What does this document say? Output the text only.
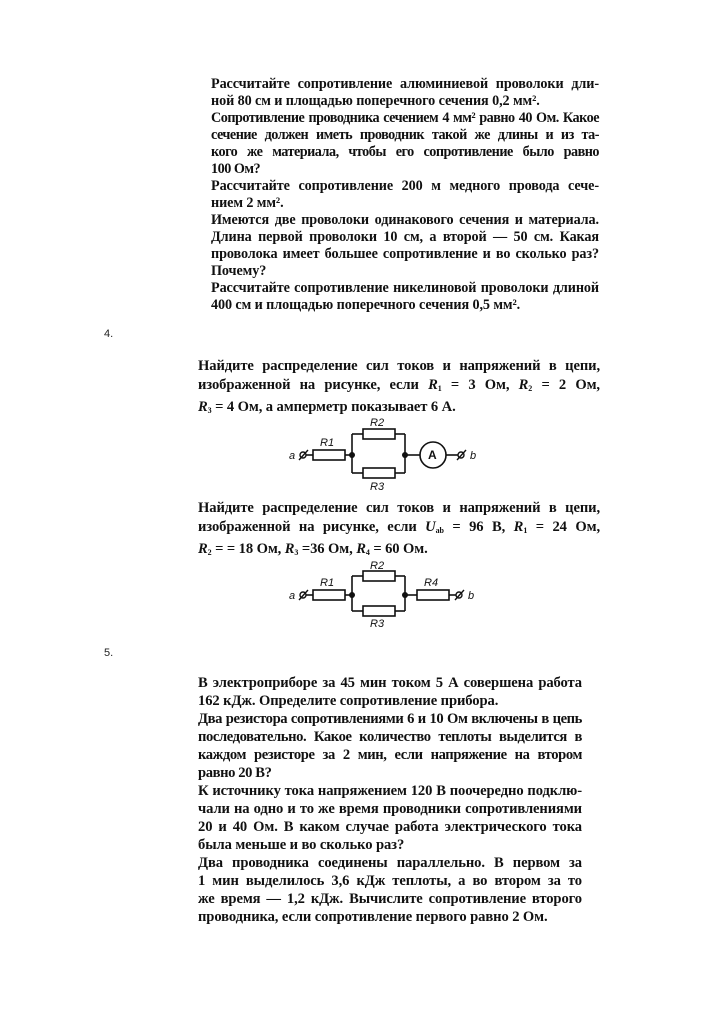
Рассчитайте сопротивление алюминиевой проволоки дли-
ной 80 см и площадью поперечного сечения 0,2 мм².

Сопротивление проводника сечением 4 мм² равно 40 Ом. Какое
сечение должен иметь проводник такой же длины и из та-
кого же материала, чтобы его сопротивление было равно
100 Ом?

Рассчитайте сопротивление 200 м медного провода сече-
нием 2 мм².

Имеются две проволоки одинакового сечения и материала.
Длина первой проволоки 10 см, а второй — 50 см. Какая
проволока имеет большее сопротивление и во сколько раз?
Почему?

Рассчитайте сопротивление никелиновой проволоки длиной
400 см и площадью поперечного сечения 0,5 мм².

4.

Найдите распределение сил токов и напряжений в цепи,
изображенной на рисунке, если $R_1 = 3$ Ом, $R_2 = 2$ Ом,
$R_3 = 4$ Ом, а амперметр показывает 6 А.

a	b
R1
R2
R3
A

Найдите распределение сил токов и напряжений в цепи,
изображенной на рисунке, если $U_{ab} = 96$ В, $R_1 = 24$ Ом,
$R_2$ = = 18 Ом, $R_3 =36$ Ом, $R_4 = 60$ Ом.

a	b
R1
R2
R3
R4
5.

В электроприборе за 45 мин током 5 А совершена работа
162 кДж. Определите сопротивление прибора.

Два резистора сопротивлениями 6 и 10 Ом включены в цепь
последовательно. Какое количество теплоты выделится в
каждом резисторе за 2 мин, если напряжение на втором
равно 20 В?

К источнику тока напряжением 120 В поочередно подклю-
чали на одно и то же время проводники сопротивлениями
20 и 40 Ом. В каком случае работа электрического тока
была меньше и во сколько раз?

Два проводника соединены параллельно. В первом за
1 мин выделилось 3,6 кДж теплоты, а во втором за то
же время — 1,2 кДж. Вычислите сопротивление второго
проводника, если сопротивление первого равно 2 Ом.
